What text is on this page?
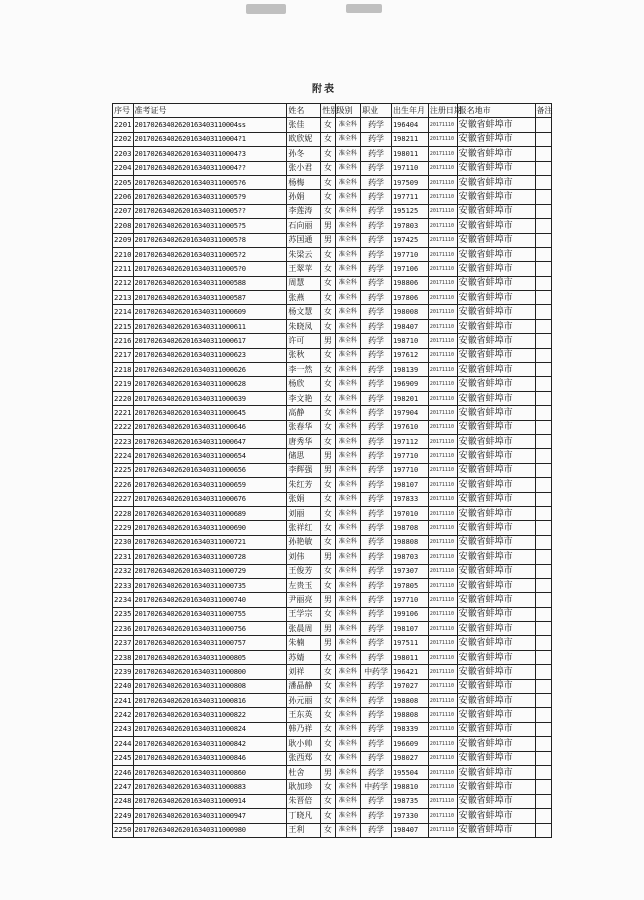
附表
序号	准考证号	姓名	性别	级别	职业	出生年月	注册日期	报名地市	备注
2201	20170263402620163403110004ss	张佳	女	准全科	药学	196404	20171110	安徽省蚌埠市	
2202	20170263402620163403110004?1	欧欣妮	女	准全科	药学	198211	20171110	安徽省蚌埠市	
2203	20170263402620163403110004?3	孙冬	女	准全科	药学	198011	20171110	安徽省蚌埠市	
2204	20170263402620163403110004??	张小君	女	准全科	药学	197110	20171110	安徽省蚌埠市	
2205	20170263402620163403110005?6	杨梅	女	准全科	药学	197509	20171110	安徽省蚌埠市	
2206	20170263402620163403110005?9	孙娟	女	准全科	药学	197711	20171110	安徽省蚌埠市	
2207	20170263402620163403110005??	李莲涛	女	准全科	药学	195125	20171110	安徽省蚌埠市	
2208	20170263402620163403110005?5	石向丽	男	准全科	药学	197803	20171110	安徽省蚌埠市	
2209	20170263402620163403110005?8	苏国通	男	准全科	药学	197425	20171110	安徽省蚌埠市	
2210	20170263402620163403110005?2	朱梁云	女	准全科	药学	197710	20171110	安徽省蚌埠市	
2211	20170263402620163403110005?0	王翠苹	女	准全科	药学	197106	20171110	安徽省蚌埠市	
2212	2017026340262016340311000588	周慧	女	准全科	药学	198806	20171110	安徽省蚌埠市	
2213	2017026340262016340311000587	张燕	女	准全科	药学	197806	20171110	安徽省蚌埠市	
2214	2017026340262016340311000609	杨文慧	女	准全科	药学	198008	20171110	安徽省蚌埠市	
2215	2017026340262016340311000611	朱晓凤	女	准全科	药学	198407	20171110	安徽省蚌埠市	
2216	2017026340262016340311000617	许可	男	准全科	药学	198710	20171110	安徽省蚌埠市	
2217	2017026340262016340311000623	张秋	女	准全科	药学	197612	20171110	安徽省蚌埠市	
2218	2017026340262016340311000626	李一然	女	准全科	药学	198139	20171110	安徽省蚌埠市	
2219	2017026340262016340311000628	杨欣	女	准全科	药学	196909	20171110	安徽省蚌埠市	
2220	2017026340262016340311000639	李文艳	女	准全科	药学	198201	20171110	安徽省蚌埠市	
2221	2017026340262016340311000645	高静	女	准全科	药学	197904	20171110	安徽省蚌埠市	
2222	2017026340262016340311000646	张春华	女	准全科	药学	197610	20171110	安徽省蚌埠市	
2223	2017026340262016340311000647	唐秀华	女	准全科	药学	197112	20171110	安徽省蚌埠市	
2224	2017026340262016340311000654	储思	男	准全科	药学	197710	20171110	安徽省蚌埠市	
2225	2017026340262016340311000656	李辉强	男	准全科	药学	197710	20171110	安徽省蚌埠市	
2226	2017026340262016340311000659	朱红芳	女	准全科	药学	198107	20171110	安徽省蚌埠市	
2227	2017026340262016340311000676	张娟	女	准全科	药学	197833	20171110	安徽省蚌埠市	
2228	2017026340262016340311000689	刘丽	女	准全科	药学	197010	20171110	安徽省蚌埠市	
2229	2017026340262016340311000690	张祥红	女	准全科	药学	198708	20171110	安徽省蚌埠市	
2230	2017026340262016340311000721	孙艳敏	女	准全科	药学	198808	20171110	安徽省蚌埠市	
2231	2017026340262016340311000728	刘伟	男	准全科	药学	198703	20171110	安徽省蚌埠市	
2232	2017026340262016340311000729	王俊芳	女	准全科	药学	197307	20171110	安徽省蚌埠市	
2233	2017026340262016340311000735	左贵玉	女	准全科	药学	197805	20171110	安徽省蚌埠市	
2234	2017026340262016340311000740	尹丽亮	男	准全科	药学	197710	20171110	安徽省蚌埠市	
2235	2017026340262016340311000755	王学宗	女	准全科	药学	199106	20171110	安徽省蚌埠市	
2236	2017026340262016340311000756	张晨周	男	准全科	药学	198107	20171110	安徽省蚌埠市	
2237	2017026340262016340311000757	朱楠	男	准全科	药学	197511	20171110	安徽省蚌埠市	
2238	2017026340262016340311000805	苏婧	女	准全科	药学	198011	20171110	安徽省蚌埠市	
2239	2017026340262016340311000800	刘祥	女	准全科	中药学	196421	20171110	安徽省蚌埠市	
2240	2017026340262016340311000808	潘晶静	女	准全科	药学	197027	20171110	安徽省蚌埠市	
2241	2017026340262016340311000816	孙元丽	女	准全科	药学	198808	20171110	安徽省蚌埠市	
2242	2017026340262016340311000822	王东英	女	准全科	药学	198808	20171110	安徽省蚌埠市	
2243	2017026340262016340311000824	韩乃祥	女	准全科	药学	198339	20171110	安徽省蚌埠市	
2244	2017026340262016340311000842	耿小帅	女	准全科	药学	196609	20171110	安徽省蚌埠市	
2245	2017026340262016340311000846	张西郑	女	准全科	药学	198027	20171110	安徽省蚌埠市	
2246	2017026340262016340311000860	杜舍	男	准全科	药学	195504	20171110	安徽省蚌埠市	
2247	2017026340262016340311000883	耿加珍	女	准全科	中药学	198810	20171110	安徽省蚌埠市	
2248	2017026340262016340311000914	朱晋倍	女	准全科	药学	198735	20171110	安徽省蚌埠市	
2249	2017026340262016340311000947	丁晓凡	女	准全科	药学	197330	20171110	安徽省蚌埠市	
2250	2017026340262016340311000980	王利	女	准全科	药学	198407	20171110	安徽省蚌埠市	
